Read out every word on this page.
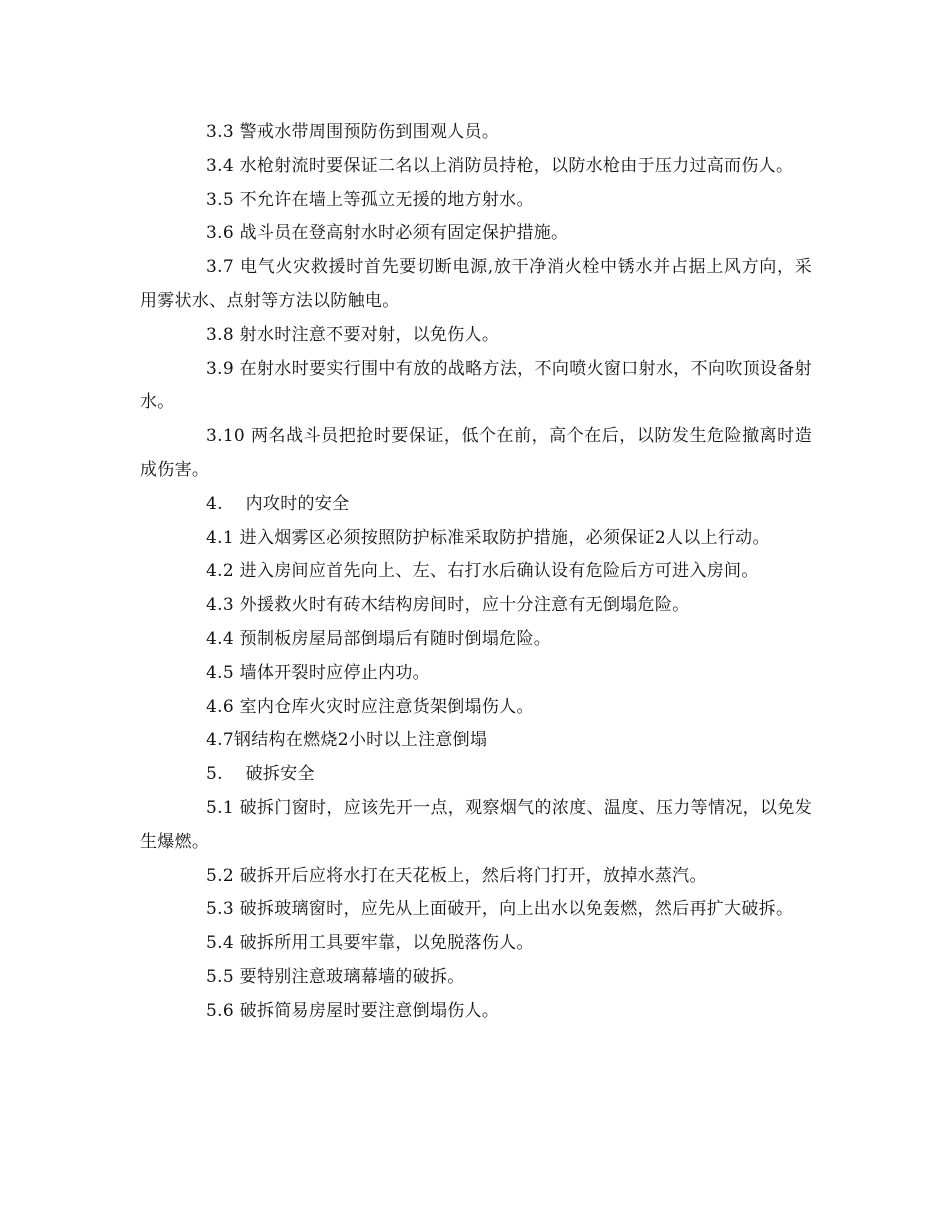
3.3 警戒水带周围预防伤到围观人员。

3.4 水枪射流时要保证二名以上消防员持枪，以防水枪由于压力过高而伤人。

3.5 不允许在墙上等孤立无援的地方射水。

3.6 战斗员在登高射水时必须有固定保护措施。

3.7 电气火灾救援时首先要切断电源,放干净消火栓中锈水并占据上风方向，采用雾状水、点射等方法以防触电。

3.8 射水时注意不要对射，以免伤人。

3.9 在射水时要实行围中有放的战略方法，不向喷火窗口射水，不向吹顶设备射水。

3.10 两名战斗员把抢时要保证，低个在前，高个在后，以防发生危险撤离时造成伤害。

4.    内攻时的安全

4.1 进入烟雾区必须按照防护标准采取防护措施，必须保证2人以上行动。

4.2 进入房间应首先向上、左、右打水后确认设有危险后方可进入房间。

4.3 外援救火时有砖木结构房间时，应十分注意有无倒塌危险。

4.4 预制板房屋局部倒塌后有随时倒塌危险。

4.5 墙体开裂时应停止内功。

4.6 室内仓库火灾时应注意货架倒塌伤人。

4.7钢结构在燃烧2小时以上注意倒塌

5.    破拆安全

5.1 破拆门窗时，应该先开一点，观察烟气的浓度、温度、压力等情况，以免发生爆燃。

5.2 破拆开后应将水打在天花板上，然后将门打开，放掉水蒸汽。

5.3 破拆玻璃窗时，应先从上面破开，向上出水以免轰燃，然后再扩大破拆。

5.4 破拆所用工具要牢靠，以免脱落伤人。

5.5 要特别注意玻璃幕墙的破拆。

5.6 破拆简易房屋时要注意倒塌伤人。
